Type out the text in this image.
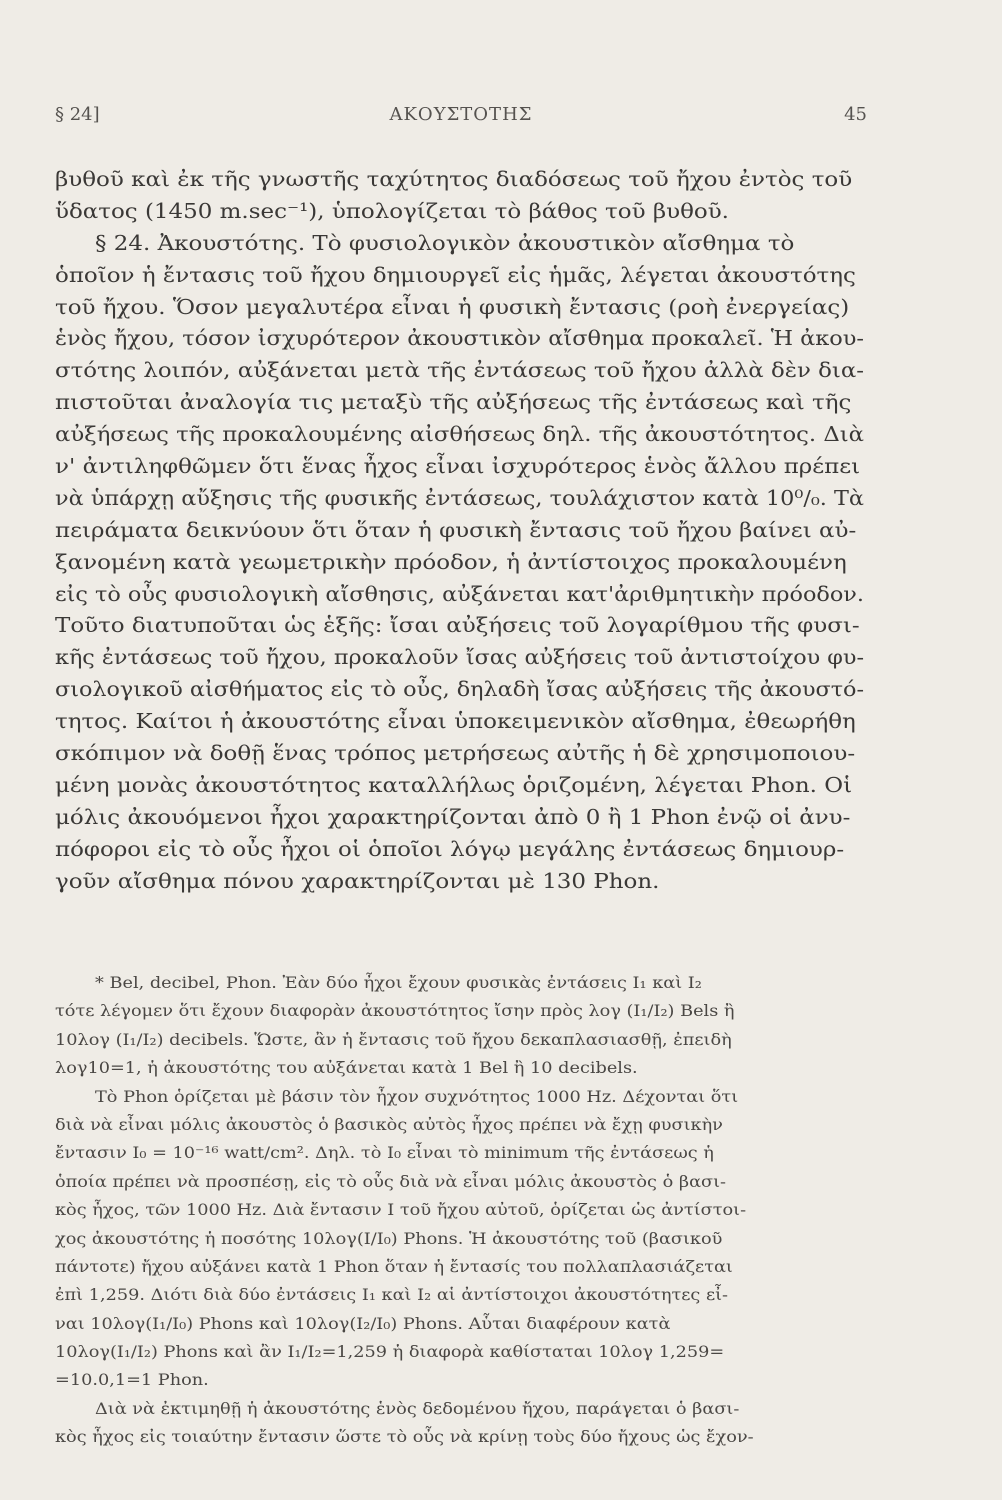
§ 24]	ΑΚΟΥΣΤΟΤΗΣ	45
βυθοῦ καὶ ἐκ τῆς γνωστῆς ταχύτητος διαδόσεως τοῦ ἤχου ἐντὸς τοῦ
ὕδατος (1450 m.sec⁻¹), ὑπολογίζεται τὸ βάθος τοῦ βυθοῦ.
§ 24. Ἀκουστότης. Τὸ φυσιολογικὸν ἀκουστικὸν αἴσθημα τὸ
ὁποῖον ἡ ἔντασις τοῦ ἤχου δημιουργεῖ εἰς ἡμᾶς, λέγεται ἀκουστότης
τοῦ ἤχου. Ὅσον μεγαλυτέρα εἶναι ἡ φυσικὴ ἔντασις (ροὴ ἐνεργείας)
ἑνὸς ἤχου, τόσον ἰσχυρότερον ἀκουστικὸν αἴσθημα προκαλεῖ. Ἡ ἀκου-
στότης λοιπόν, αὐξάνεται μετὰ τῆς ἐντάσεως τοῦ ἤχου ἀλλὰ δὲν δια-
πιστοῦται ἀναλογία τις μεταξὺ τῆς αὐξήσεως τῆς ἐντάσεως καὶ τῆς
αὐξήσεως τῆς προκαλουμένης αἰσθήσεως δηλ. τῆς ἀκουστότητος. Διὰ
ν' ἀντιληφθῶμεν ὅτι ἕνας ἦχος εἶναι ἰσχυρότερος ἑνὸς ἄλλου πρέπει
νὰ ὑπάρχῃ αὔξησις τῆς φυσικῆς ἐντάσεως, τουλάχιστον κατὰ 10⁰/₀. Τὰ
πειράματα δεικνύουν ὅτι ὅταν ἡ φυσικὴ ἔντασις τοῦ ἤχου βαίνει αὐ-
ξανομένη κατὰ γεωμετρικὴν πρόοδον, ἡ ἀντίστοιχος προκαλουμένη
εἰς τὸ οὖς φυσιολογικὴ αἴσθησις, αὐξάνεται κατ'ἀριθμητικὴν πρόοδον.
Τοῦτο διατυποῦται ὡς ἑξῆς: ἴσαι αὐξήσεις τοῦ λογαρίθμου τῆς φυσι-
κῆς ἐντάσεως τοῦ ἤχου, προκαλοῦν ἴσας αὐξήσεις τοῦ ἀντιστοίχου φυ-
σιολογικοῦ αἰσθήματος εἰς τὸ οὖς, δηλαδὴ ἴσας αὐξήσεις τῆς ἀκουστό-
τητος. Καίτοι ἡ ἀκουστότης εἶναι ὑποκειμενικὸν αἴσθημα, ἐθεωρήθη
σκόπιμον νὰ δοθῇ ἕνας τρόπος μετρήσεως αὐτῆς ἡ δὲ χρησιμοποιου-
μένη μονὰς ἀκουστότητος καταλλήλως ὁριζομένη, λέγεται Phon. Οἱ
μόλις ἀκουόμενοι ἦχοι χαρακτηρίζονται ἀπὸ 0 ἢ 1 Phon ἐνῷ οἱ ἀνυ-
πόφοροι εἰς τὸ οὖς ἦχοι οἱ ὁποῖοι λόγῳ μεγάλης ἐντάσεως δημιουρ-
γοῦν αἴσθημα πόνου χαρακτηρίζονται μὲ 130 Phon.
* Bel, decibel, Phon. Ἐὰν δύο ἦχοι ἔχουν φυσικὰς ἐντάσεις I₁ καὶ I₂
τότε λέγομεν ὅτι ἔχουν διαφορὰν ἀκουστότητος ἴσην πρὸς λογ (I₁/I₂) Bels ἢ
10λογ (I₁/I₂) decibels. Ὥστε, ἂν ἡ ἔντασις τοῦ ἤχου δεκαπλασιασθῇ, ἐπειδὴ
λογ10=1, ἡ ἀκουστότης του αὐξάνεται κατὰ 1 Bel ἢ 10 decibels.
Τὸ Phon ὁρίζεται μὲ βάσιν τὸν ἦχον συχνότητος 1000 Hz. Δέχονται ὅτι
διὰ νὰ εἶναι μόλις ἀκουστὸς ὁ βασικὸς αὐτὸς ἦχος πρέπει νὰ ἔχῃ φυσικὴν
ἔντασιν I₀ = 10⁻¹⁶ watt/cm². Δηλ. τὸ I₀ εἶναι τὸ minimum τῆς ἐντάσεως ἡ
ὁποία πρέπει νὰ προσπέσῃ, εἰς τὸ οὖς διὰ νὰ εἶναι μόλις ἀκουστὸς ὁ βασι-
κὸς ἦχος, τῶν 1000 Hz. Διὰ ἔντασιν I τοῦ ἤχου αὐτοῦ, ὁρίζεται ὡς ἀντίστοι-
χος ἀκουστότης ἡ ποσότης 10λογ(I/I₀) Phons. Ἡ ἀκουστότης τοῦ (βασικοῦ
πάντοτε) ἤχου αὐξάνει κατὰ 1 Phon ὅταν ἡ ἔντασίς του πολλαπλασιάζεται
ἐπὶ 1,259. Διότι διὰ δύο ἐντάσεις I₁ καὶ I₂ αἱ ἀντίστοιχοι ἀκουστότητες εἶ-
ναι 10λογ(I₁/I₀) Phons καὶ 10λογ(I₂/I₀) Phons. Αὗται διαφέρουν κατὰ
10λογ(I₁/I₂) Phons καὶ ἂν I₁/I₂=1,259 ἡ διαφορὰ καθίσταται 10λογ 1,259=
=10.0,1=1 Phon.
Διὰ νὰ ἐκτιμηθῇ ἡ ἀκουστότης ἑνὸς δεδομένου ἤχου, παράγεται ὁ βασι-
κὸς ἦχος εἰς τοιαύτην ἔντασιν ὥστε τὸ οὖς νὰ κρίνῃ τοὺς δύο ἤχους ὡς ἔχον-
